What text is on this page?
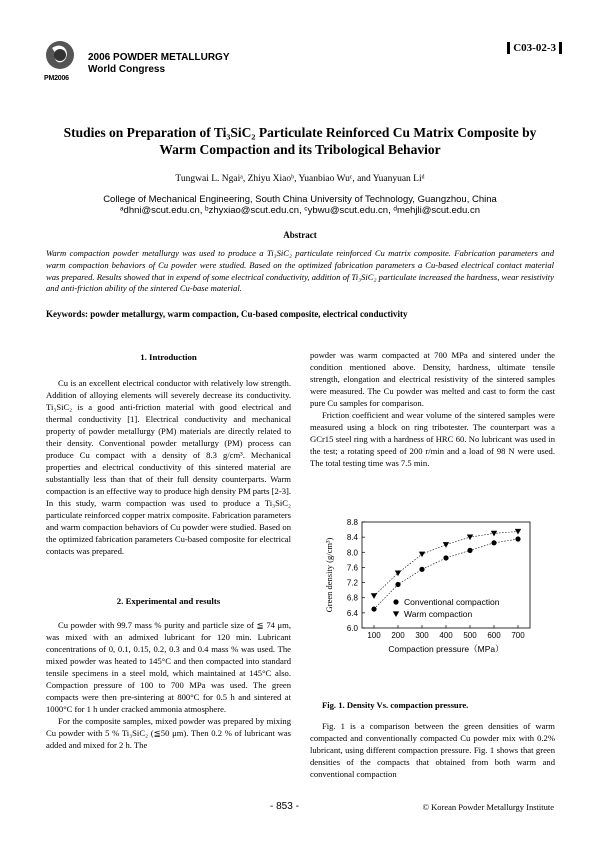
PM2006
2006 POWDER METALLURGY
World Congress
C03-02-3
Studies on Preparation of Ti₃SiC₂ Particulate Reinforced Cu Matrix Composite by
Warm Compaction and its Tribological Behavior
Tungwai L. Ngaiᵃ, Zhiyu Xiaoᵇ, Yuanbiao Wuᶜ, and Yuanyuan Liᵈ
College of Mechanical Engineering, South China University of Technology, Guangzhou, China
ᵃdhni@scut.edu.cn, ᵇzhyxiao@scut.edu.cn, ᶜybwu@scut.edu.cn, ᵈmehjli@scut.edu.cn
Abstract
Warm compaction powder metallurgy was used to produce a Ti₃SiC₂ particulate reinforced Cu matrix composite. Fabrication parameters and warm compaction behaviors of Cu powder were studied. Based on the optimized fabrication parameters a Cu-based electrical contact material was prepared. Results showed that in expend of some electrical conductivity, addition of Ti₃SiC₂ particulate increased the hardness, wear resistivity and anti-friction ability of the sintered Cu-base material.
Keywords: powder metallurgy, warm compaction, Cu-based composite, electrical conductivity
1. Introduction

Cu is an excellent electrical conductor with relatively low strength. Addition of alloying elements will severely decrease its conductivity. Ti₃SiC₂ is a good anti-friction material with good electrical and thermal conductivity [1]. Electrical conductivity and mechanical property of powder metallurgy (PM) materials are directly related to their density. Conventional powder metallurgy (PM) process can produce Cu compact with a density of 8.3 g/cm³. Mechanical properties and electrical conductivity of this sintered material are substantially less than that of their full density counterparts. Warm compaction is an effective way to produce high density PM parts [2-3]. In this study, warm compaction was used to produce a Ti₃SiC₂ particulate reinforced copper matrix composite. Fabrication parameters and warm compaction behaviors of Cu powder were studied. Based on the optimized fabrication parameters Cu-based composite for electrical contacts was prepared.

2. Experimental and results

Cu powder with 99.7 mass % purity and particle size of ≦ 74 μm, was mixed with an admixed lubricant for 120 min. Lubricant concentrations of 0, 0.1, 0.15, 0.2, 0.3 and 0.4 mass % was used. The mixed powder was heated to 145°C and then compacted into standard tensile specimens in a steel mold, which maintained at 145°C also. Compaction pressure of 100 to 700 MPa was used. The green compacts were then pre-sintering at 800°C for 0.5 h and sintered at 1000°C for 1 h under cracked ammonia atmosphere.

For the composite samples, mixed powder was prepared by mixing Cu powder with 5 % Ti₃SiC₂ (≦50 μm). Then 0.2 % of lubricant was added and mixed for 2 h. The

powder was warm compacted at 700 MPa and sintered under the condition mentioned above. Density, hardness, ultimate tensile strength, elongation and electrical resistivity of the sintered samples were measured. The Cu powder was melted and cast to form the cast pure Cu samples for comparison.

Friction coefficient and wear volume of the sintered samples were measured using a block on ring tribotester. The counterpart was a GCr15 steel ring with a hardness of HRC 60. No lubricant was used in the test; a rotating speed of 200 r/min and a load of 98 N were used. The total testing time was 7.5 min.

6.0
6.4
6.8
7.2
7.6
8.0
8.4
8.8
100 200 300 400 500 600 700
Compaction pressure（MPa）
Green density (g/cm³)	Conventional compaction
Warm compaction
Fig. 1. Density Vs. compaction pressure.

Fig. 1 is a comparison between the green densities of warm compacted and conventionally compacted Cu powder mix with 0.2% lubricant, using different compaction pressure. Fig. 1 shows that green densities of the compacts that obtained from both warm and conventional compaction

- 853 -	© Korean Powder Metallurgy Institute
